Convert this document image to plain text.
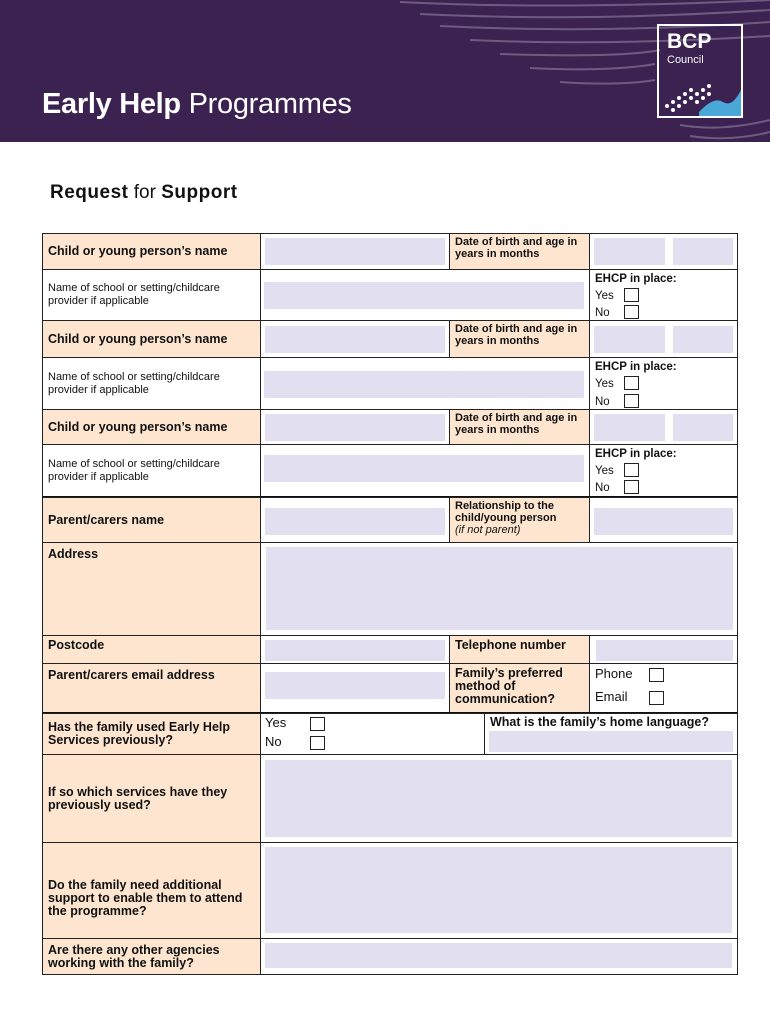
Early Help Programmes
BCP
Council
Request for Support
Child or young person’s name
Date of birth and age in years in months
Name of school or setting/childcare provider if applicable
EHCP in place:
Yes
No
Child or young person’s name
Date of birth and age in years in months
Name of school or setting/childcare provider if applicable
EHCP in place:
Yes
No
Child or young person’s name
Date of birth and age in years in months
Name of school or setting/childcare provider if applicable
EHCP in place:
Yes
No
Parent/carers name
Relationship to the child/young person
(if not parent)
Address
Postcode	Telephone number
Parent/carers email address	Family’s preferred method of communication?
Phone
Email
Has the family used Early Help Services previously?
Yes
No
What is the family’s home language?
If so which services have they previously used?
Do the family need additional support to enable them to attend the programme?
Are there any other agencies working with the family?
